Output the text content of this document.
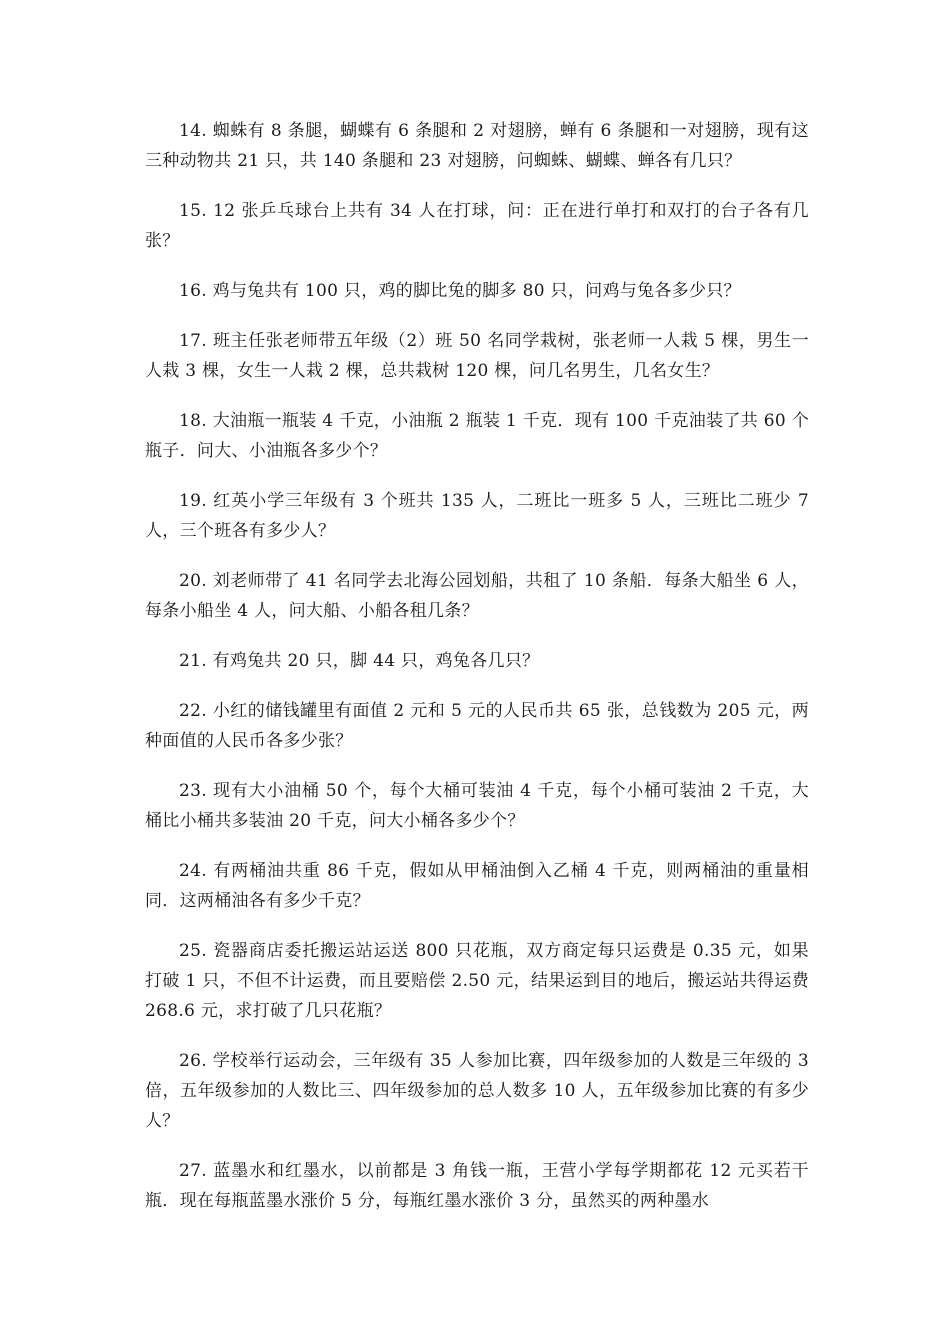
14. 蜘蛛有 8 条腿，蝴蝶有 6 条腿和 2 对翅膀，蝉有 6 条腿和一对翅膀，现有这三种动物共 21 只，共 140 条腿和 23 对翅膀，问蜘蛛、蝴蝶、蝉各有几只？

15. 12 张乒乓球台上共有 34 人在打球，问：正在进行单打和双打的台子各有几张？

16. 鸡与兔共有 100 只，鸡的脚比兔的脚多 80 只，问鸡与兔各多少只？

17. 班主任张老师带五年级（2）班 50 名同学栽树，张老师一人栽 5 棵，男生一人栽 3 棵，女生一人栽 2 棵，总共栽树 120 棵，问几名男生，几名女生？

18. 大油瓶一瓶装 4 千克，小油瓶 2 瓶装 1 千克．现有 100 千克油装了共 60 个瓶子．问大、小油瓶各多少个？

19. 红英小学三年级有 3 个班共 135 人，二班比一班多 5 人，三班比二班少 7 人，三个班各有多少人？

20. 刘老师带了 41 名同学去北海公园划船，共租了 10 条船．每条大船坐 6 人，每条小船坐 4 人，问大船、小船各租几条？

21. 有鸡兔共 20 只，脚 44 只，鸡兔各几只？

22. 小红的储钱罐里有面值 2 元和 5 元的人民币共 65 张，总钱数为 205 元，两种面值的人民币各多少张？

23. 现有大小油桶 50 个，每个大桶可装油 4 千克，每个小桶可装油 2 千克，大桶比小桶共多装油 20 千克，问大小桶各多少个？

24. 有两桶油共重 86 千克，假如从甲桶油倒入乙桶 4 千克，则两桶油的重量相同．这两桶油各有多少千克？

25. 瓷器商店委托搬运站运送 800 只花瓶，双方商定每只运费是 0.35 元，如果打破 1 只，不但不计运费，而且要赔偿 2.50 元，结果运到目的地后，搬运站共得运费 268.6 元，求打破了几只花瓶？

26. 学校举行运动会，三年级有 35 人参加比赛，四年级参加的人数是三年级的 3 倍，五年级参加的人数比三、四年级参加的总人数多 10 人，五年级参加比赛的有多少人？

27. 蓝墨水和红墨水，以前都是 3 角钱一瓶，王营小学每学期都花 12 元买若干瓶．现在每瓶蓝墨水涨价 5 分，每瓶红墨水涨价 3 分，虽然买的两种墨水
